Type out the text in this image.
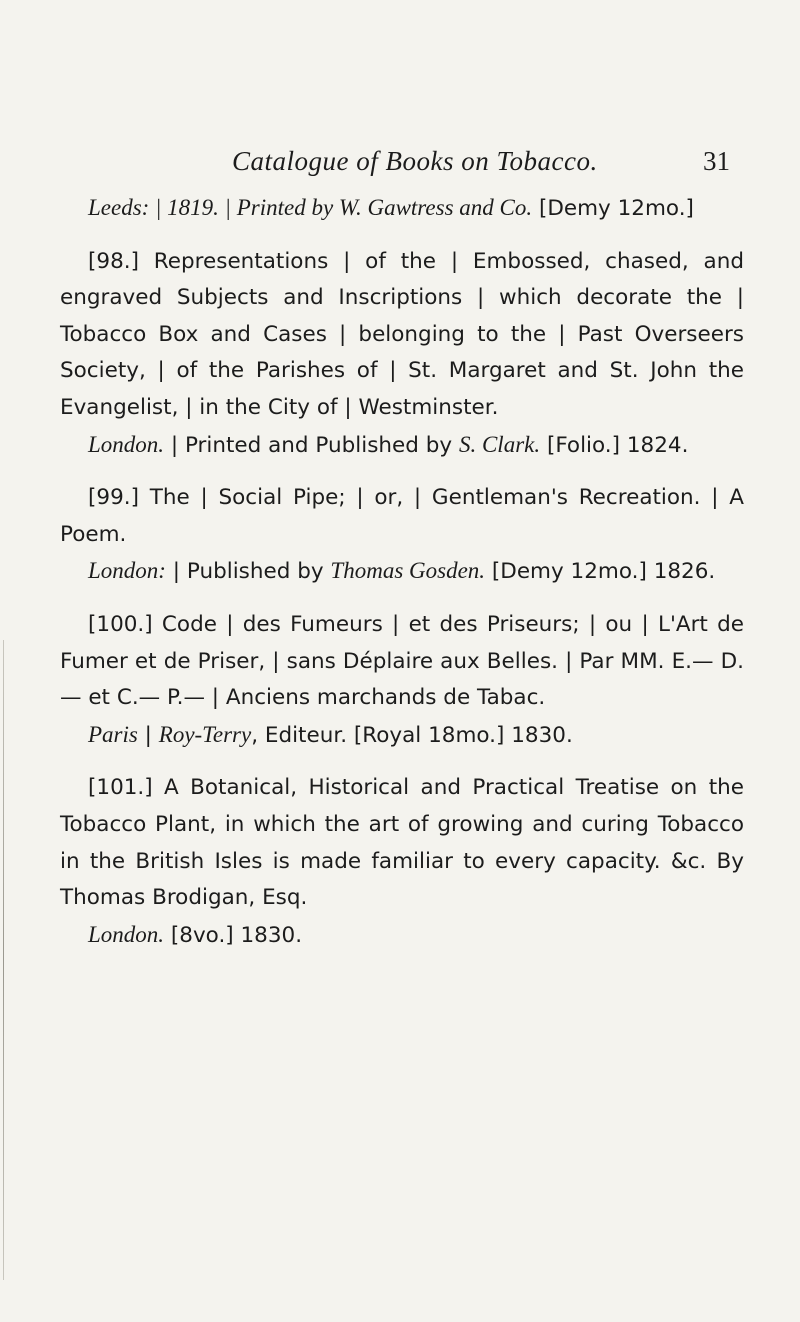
Catalogue of Books on Tobacco.	31

Leeds: | 1819. | Printed by W. Gawtress and Co. [Demy 12mo.]

[98.] Representations | of the | Embossed, chased, and engraved Subjects and Inscriptions | which decorate the | Tobacco Box and Cases | belonging to the | Past Overseers Society, | of the Parishes of | St. Margaret and St. John the Evangelist, | in the City of | Westminster.

London. | Printed and Published by S. Clark. [Folio.] 1824.

[99.] The | Social Pipe; | or, | Gentleman's Recreation. | A Poem.

London: | Published by Thomas Gosden. [Demy 12mo.] 1826.

[100.] Code | des Fumeurs | et des Priseurs; | ou | L'Art de Fumer et de Priser, | sans Déplaire aux Belles. | Par MM. E.— D.— et C.— P.— | Anciens marchands de Tabac.

Paris | Roy-Terry, Editeur. [Royal 18mo.] 1830.

[101.] A Botanical, Historical and Practical Treatise on the Tobacco Plant, in which the art of growing and curing Tobacco in the British Isles is made familiar to every capacity. &c. By Thomas Brodigan, Esq.

London. [8vo.] 1830.
